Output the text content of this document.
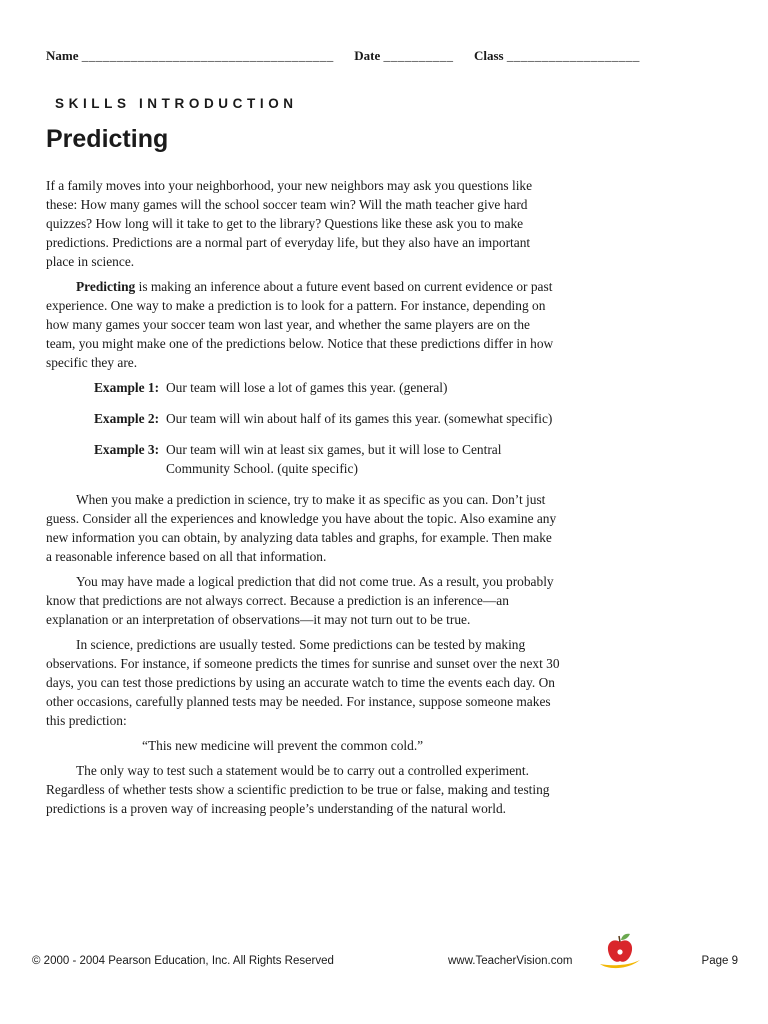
Name ____________________________________ Date __________ Class ___________________
SKILLS INTRODUCTION
Predicting

If a family moves into your neighborhood, your new neighbors may ask you questions like these: How many games will the school soccer team win? Will the math teacher give hard quizzes? How long will it take to get to the library? Questions like these ask you to make predictions. Predictions are a normal part of everyday life, but they also have an important place in science.

Predicting is making an inference about a future event based on current evidence or past experience. One way to make a prediction is to look for a pattern. For instance, depending on how many games your soccer team won last year, and whether the same players are on the team, you might make one of the predictions below. Notice that these predictions differ in how specific they are.

Example 1: Our team will lose a lot of games this year. (general)
Example 2: Our team will win about half of its games this year. (somewhat specific)
Example 3: Our team will win at least six games, but it will lose to Central Community School. (quite specific)

When you make a prediction in science, try to make it as specific as you can. Don’t just guess. Consider all the experiences and knowledge you have about the topic. Also examine any new information you can obtain, by analyzing data tables and graphs, for example. Then make a reasonable inference based on all that information.

You may have made a logical prediction that did not come true. As a result, you probably know that predictions are not always correct. Because a prediction is an inference—an explanation or an interpretation of observations—it may not turn out to be true.

In science, predictions are usually tested. Some predictions can be tested by making observations. For instance, if someone predicts the times for sunrise and sunset over the next 30 days, you can test those predictions by using an accurate watch to time the events each day. On other occasions, carefully planned tests may be needed. For instance, suppose someone makes this prediction:

“This new medicine will prevent the common cold.”

The only way to test such a statement would be to carry out a controlled experiment. Regardless of whether tests show a scientific prediction to be true or false, making and testing predictions is a proven way of increasing people’s understanding of the natural world.

© 2000 - 2004 Pearson Education, Inc. All Rights Reserved	www.TeacherVision.com	Page 9
